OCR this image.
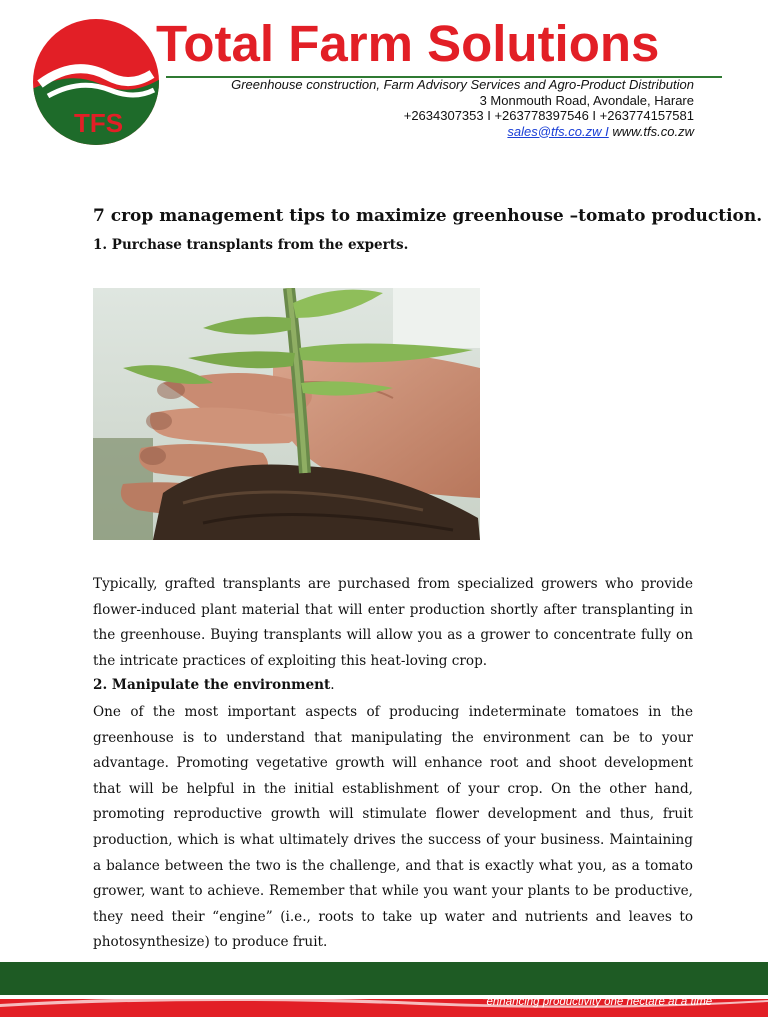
TFS
Total Farm Solutions
Greenhouse construction, Farm Advisory Services and Agro-Product Distribution
3 Monmouth Road, Avondale, Harare
+2634307353 I +263778397546 I +263774157581
sales@tfs.co.zw I www.tfs.co.zw
7 crop management tips to maximize greenhouse –tomato production.
1. Purchase transplants from the experts.

Typically, grafted transplants are purchased from specialized growers who provide flower-induced plant material that will enter production shortly after transplanting in the greenhouse. Buying transplants will allow you as a grower to concentrate fully on the intricate practices of exploiting this heat-loving crop.

2. Manipulate the environment.

One of the most important aspects of producing indeterminate tomatoes in the greenhouse is to understand that manipulating the environment can be to your advantage. Promoting vegetative growth will enhance root and shoot development that will be helpful in the initial establishment of your crop. On the other hand, promoting reproductive growth will stimulate flower development and thus, fruit production, which is what ultimately drives the success of your business. Maintaining a balance between the two is the challenge, and that is exactly what you, as a tomato grower, want to achieve. Remember that while you want your plants to be productive, they need their “engine” (i.e., roots to take up water and nutrients and leaves to photosynthesize) to produce fruit.

“enhancing productivity one hectare at a time”
